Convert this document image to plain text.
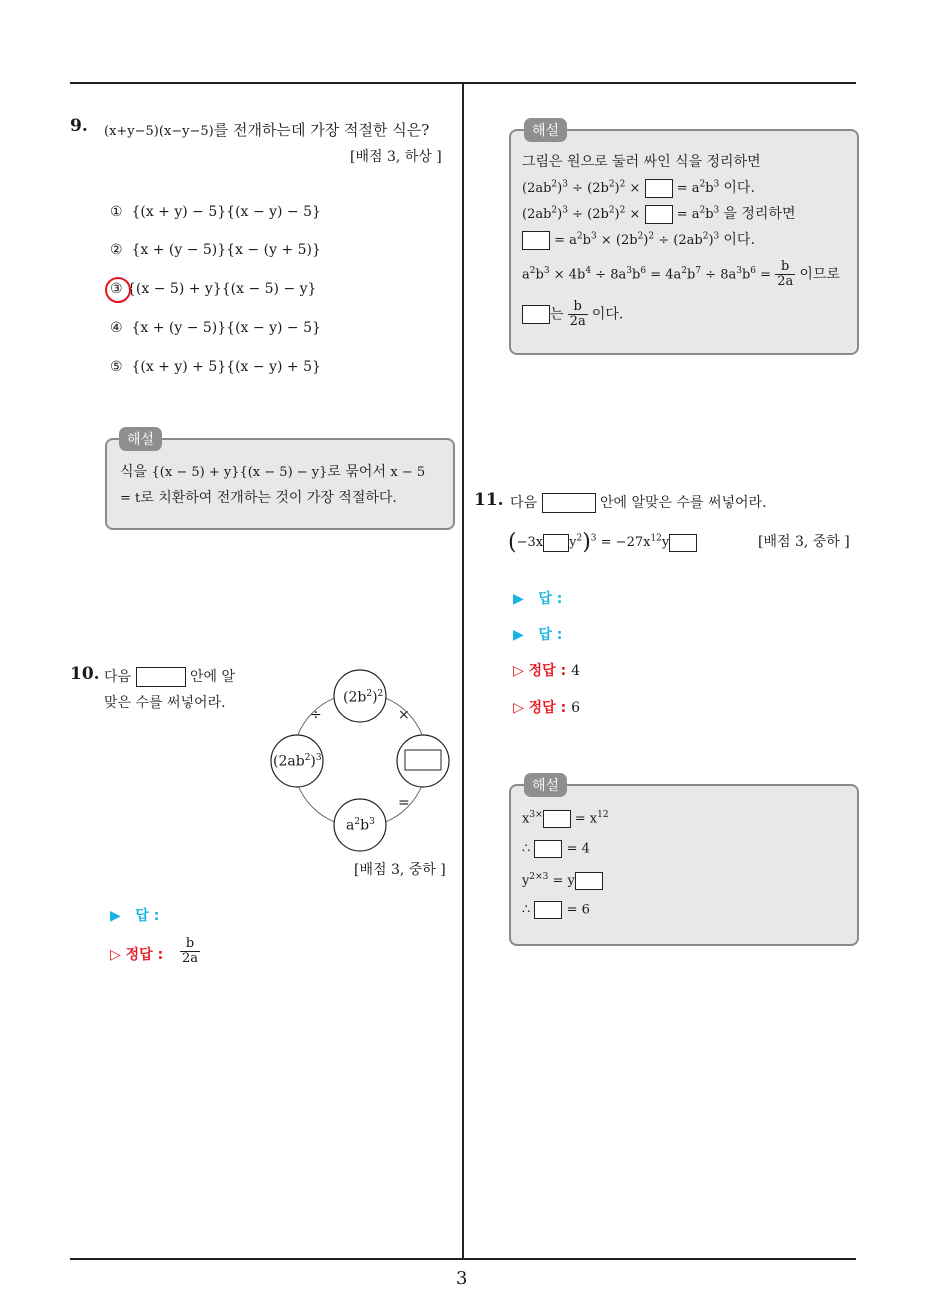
3
9. (x+y−5)(x−y−5)를 전개하는데 가장 적절한 식은?
[배점 3, 하상 ]
① {(x + y) − 5}{(x − y) − 5}
② {x + (y − 5)}{x − (y + 5)}
③ {(x − 5) + y}{(x − 5) − y}
④ {x + (y − 5)}{(x − y) − 5}
⑤ {(x + y) + 5}{(x − y) + 5}
해설
식을 {(x − 5) + y}{(x − 5) − y}로 묶어서 x − 5
= t로 치환하여 전개하는 것이 가장 적절하다.
10. 다음	안에 알
맞은 수를 써넣어라.	$(2b^2)^2$
$(2ab^2)^3$
$a^2b^3$
÷	×
=
[배점 3, 중하 ]
▶ 답 :
▷ 정답 : $\frac{b}{2a}$
해설
그림은 원으로 둘러 싸인 식을 정리하면
$(2ab^2)^3 \div (2b^2)^2$ ×	= $a^2b^3$ 이다.
$(2ab^2)^3 \div (2b^2)^2$ ×	= $a^2b^3$ 을 정리하면
= $a^2b^3 \times (2b^2)^2 \div (2ab^2)^3$ 이다.
$a^2b^3 \times 4b^4 \div 8a^3b^6 = 4a^2b^7 \div 8a^3b^6 = \frac{b}{2a}$ 이므로
는 $\frac{b}{2a}$ 이다.
11. 다음	안에 알맞은 수를 써넣어라.
(−3x $y^2)^3 = -27x^{12}y$	[배점 3, 중하 ]
▶ 답 :
▶ 답 :
▷ 정답 : 4
▷ 정답 : 6
해설
$x^{3\times} = x^{12}$
∴	= 4
$y^{2\times 3} = y$
∴	= 6
